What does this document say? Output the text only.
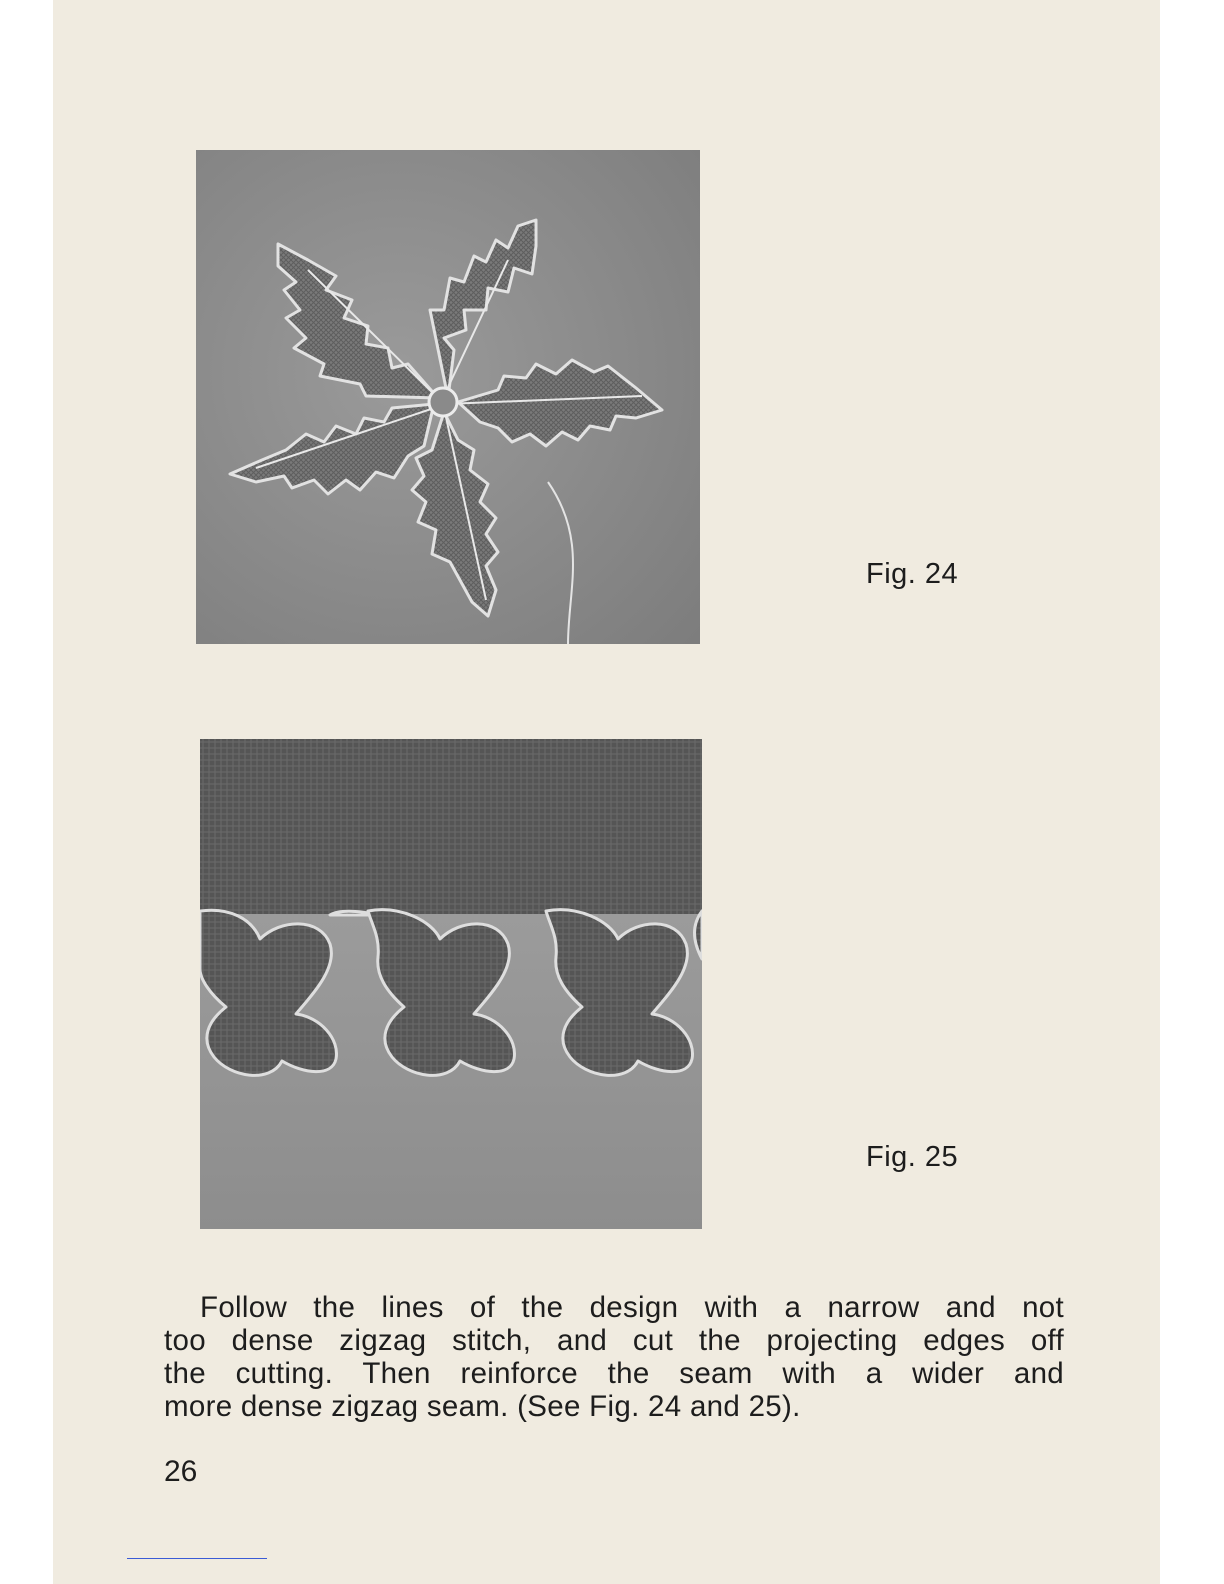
Fig. 24

Fig. 25

Follow the lines of the design with a narrow and not
too dense zigzag stitch, and cut the projecting edges off
the cutting. Then reinforce the seam with a wider and
more dense zigzag seam. (See Fig. 24 and 25).

26
